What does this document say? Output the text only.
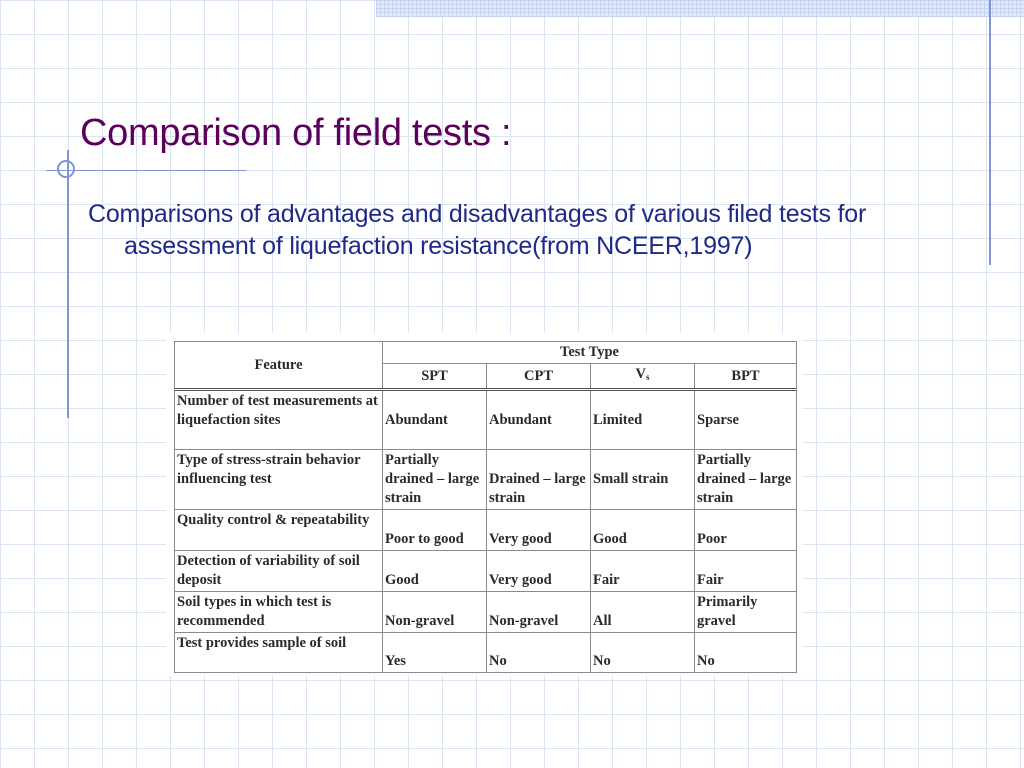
Comparison of field tests :

Comparisons of advantages and disadvantages of various filed tests for assessment of liquefaction resistance(from NCEER,1997)

Feature	Test Type			
	SPT	CPT	Vs	BPT
Number of test measurements at liquefaction sites	Abundant	Abundant	Limited	Sparse
Type of stress-strain behavior influencing test	Partially drained – large strain	Drained – large strain	Small strain	Partially drained – large strain
Quality control & repeatability	Poor to good	Very good	Good	Poor
Detection of variability of soil deposit	Good	Very good	Fair	Fair
Soil types in which test is recommended	Non-gravel	Non-gravel	All	Primarily gravel
Test provides sample of soil	Yes	No	No	No
